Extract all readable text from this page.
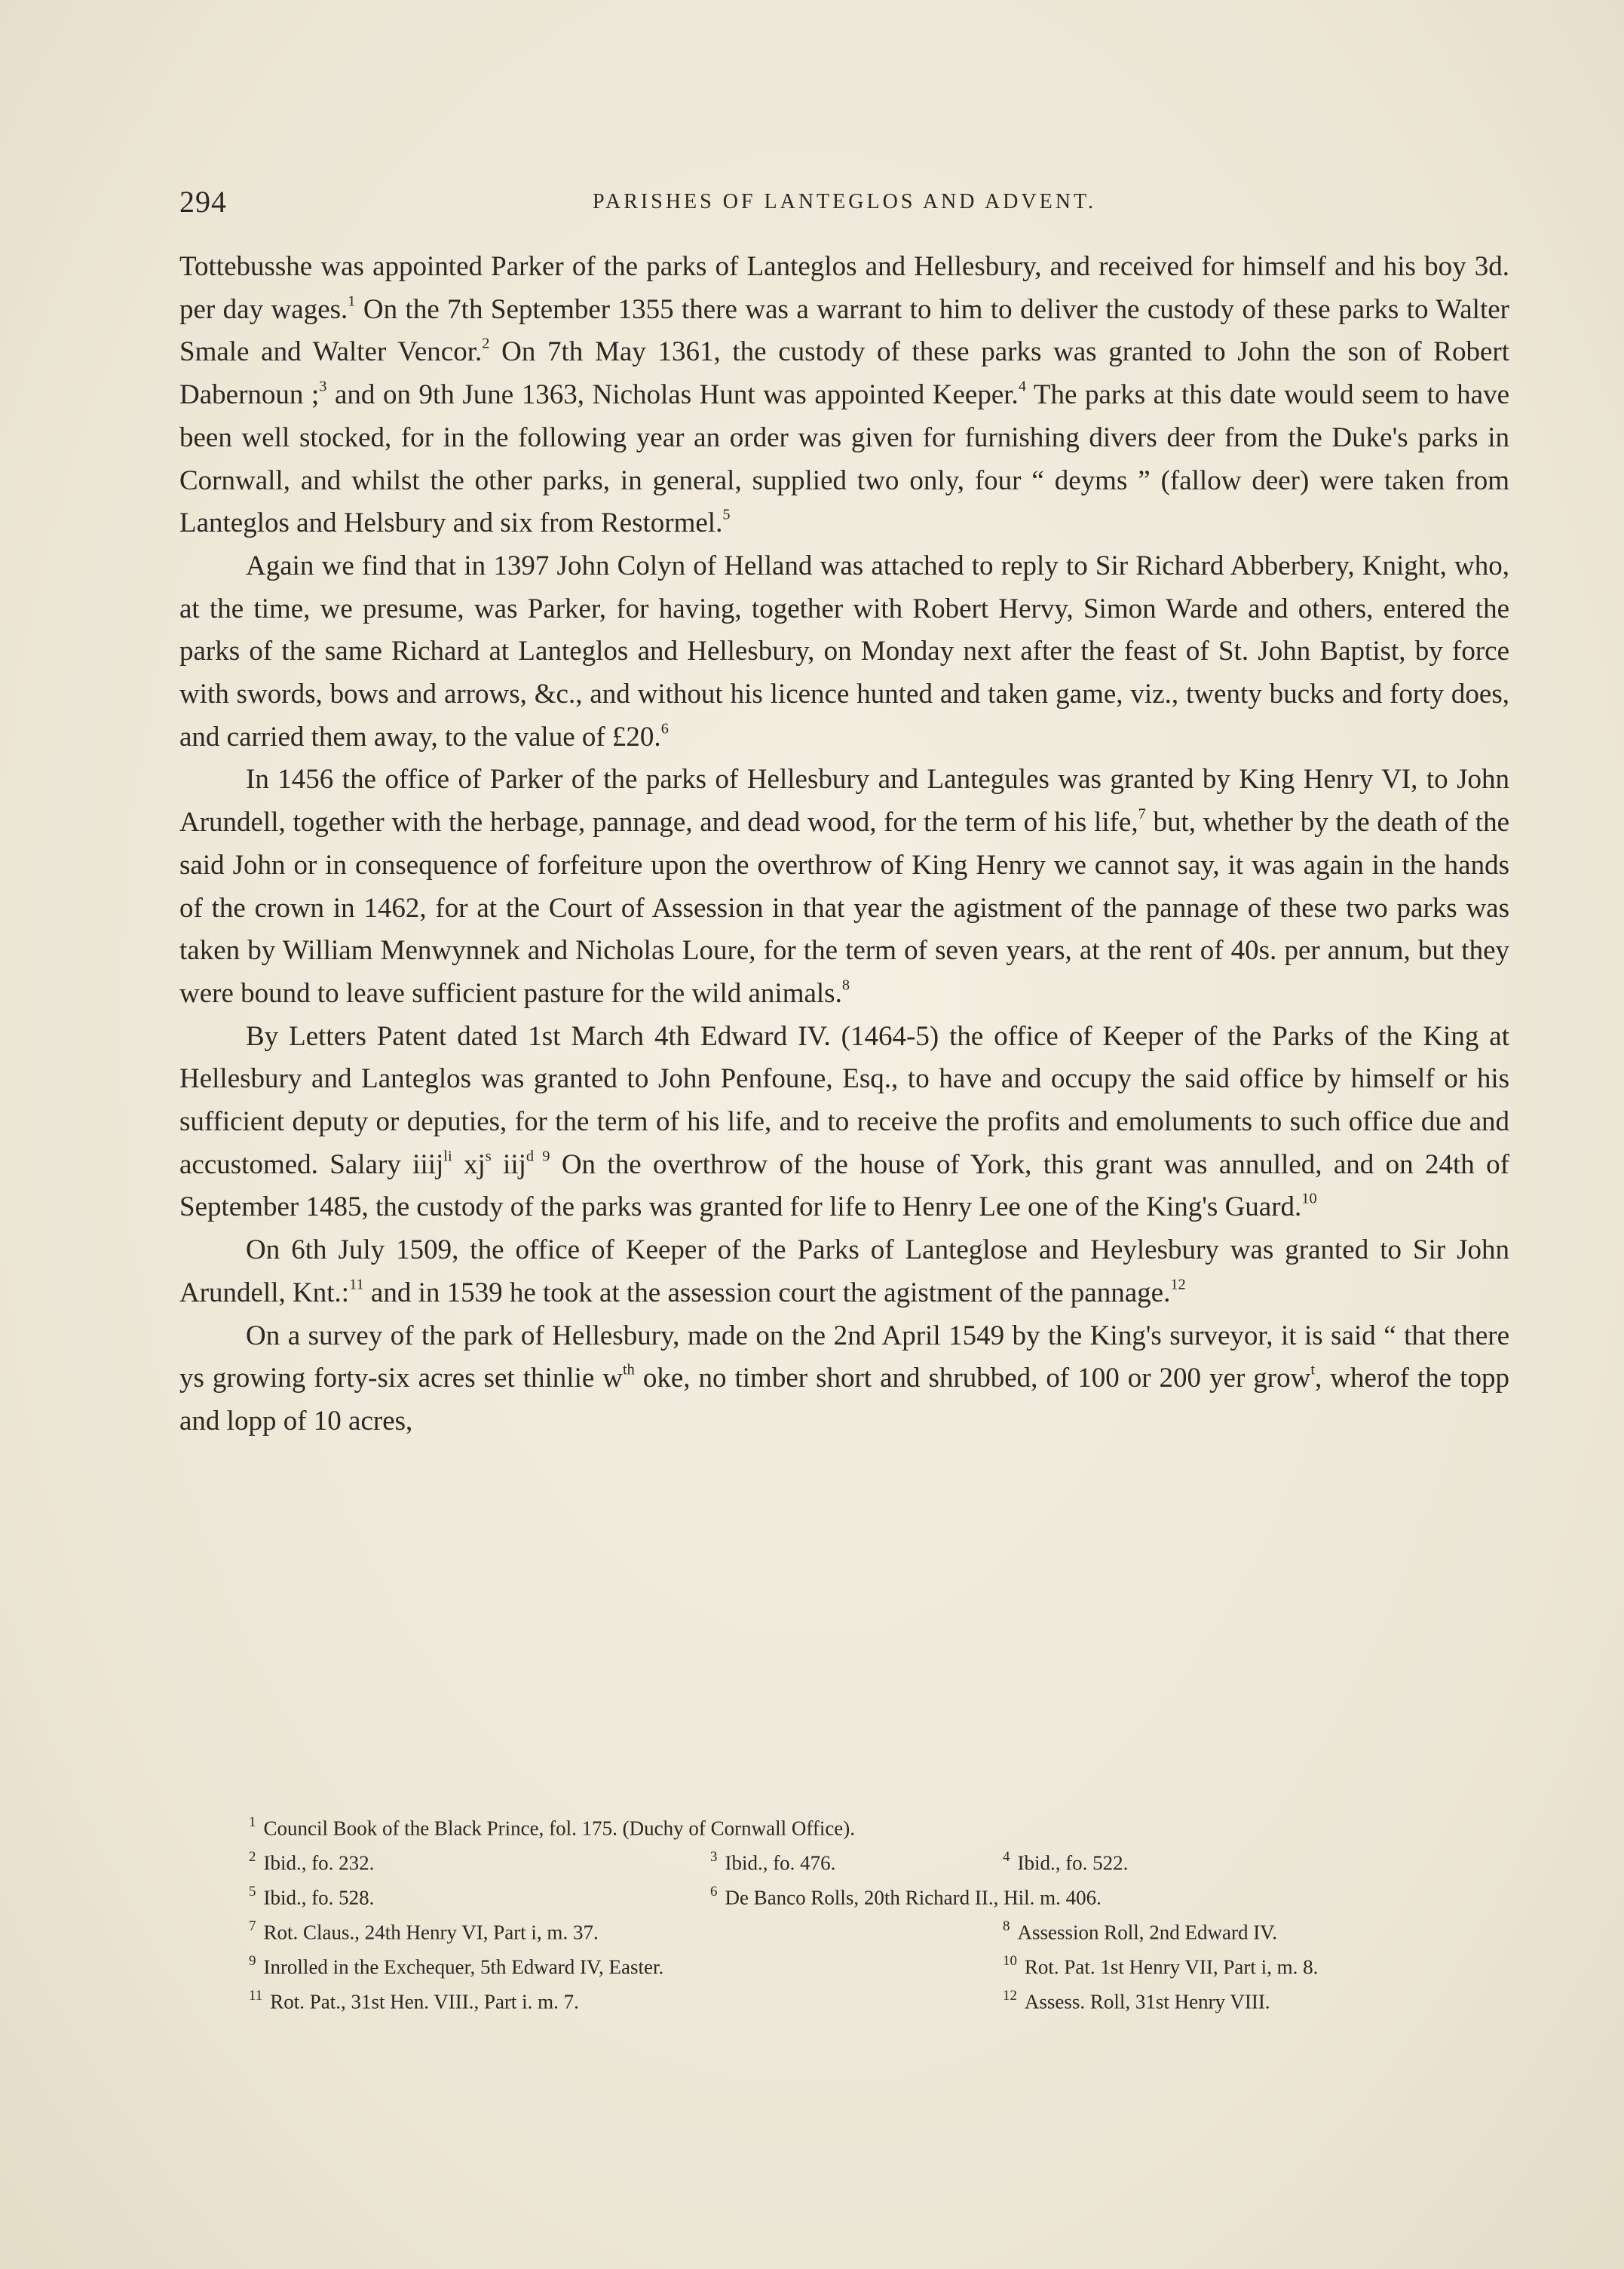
294	PARISHES OF LANTEGLOS AND ADVENT.

Tottebusshe was appointed Parker of the parks of Lanteglos and Hellesbury, and received for himself and his boy 3d. per day wages.$^1$ On the 7th September 1355 there was a warrant to him to deliver the custody of these parks to Walter Smale and Walter Vencor.$^2$ On 7th May 1361, the custody of these parks was granted to John the son of Robert Dabernoun ;$^3$ and on 9th June 1363, Nicholas Hunt was appointed Keeper.$^4$ The parks at this date would seem to have been well stocked, for in the following year an order was given for furnishing divers deer from the Duke's parks in Cornwall, and whilst the other parks, in general, supplied two only, four “ deyms ” (fallow deer) were taken from Lanteglos and Helsbury and six from Restormel.$^5$

Again we find that in 1397 John Colyn of Helland was attached to reply to Sir Richard Abberbery, Knight, who, at the time, we presume, was Parker, for having, together with Robert Hervy, Simon Warde and others, entered the parks of the same Richard at Lanteglos and Hellesbury, on Monday next after the feast of St. John Baptist, by force with swords, bows and arrows, &c., and without his licence hunted and taken game, viz., twenty bucks and forty does, and carried them away, to the value of £20.$^6$

In 1456 the office of Parker of the parks of Hellesbury and Lantegules was granted by King Henry VI, to John Arundell, together with the herbage, pannage, and dead wood, for the term of his life,$^7$ but, whether by the death of the said John or in consequence of forfeiture upon the overthrow of King Henry we cannot say, it was again in the hands of the crown in 1462, for at the Court of Assession in that year the agistment of the pannage of these two parks was taken by William Menwynnek and Nicholas Loure, for the term of seven years, at the rent of 40s. per annum, but they were bound to leave sufficient pasture for the wild animals.$^8$

By Letters Patent dated 1st March 4th Edward IV. (1464-5) the office of Keeper of the Parks of the King at Hellesbury and Lanteglos was granted to John Penfoune, Esq., to have and occupy the said office by himself or his sufficient deputy or deputies, for the term of his life, and to receive the profits and emoluments to such office due and accustomed. Salary iiij$^{li}$ $xj^s$ iij$^{d 9}$ On the overthrow of the house of York, this grant was annulled, and on 24th of September 1485, the custody of the parks was granted for life to Henry Lee one of the King's Guard.$^{10}$

On 6th July 1509, the office of Keeper of the Parks of Lanteglose and Heylesbury was granted to Sir John Arundell, Knt.:$^{11}$ and in 1539 he took at the assession court the agistment of the pannage.$^{12}$

On a survey of the park of Hellesbury, made on the 2nd April 1549 by the King's surveyor, it is said “ that there ys growing forty-six acres set thinlie $w^{th}$ oke, no timber short and shrubbed, of 100 or 200 yer grow$^t$, wherof the topp and lopp of 10 acres,

$^1$ Council Book of the Black Prince, fol. 175. (Duchy of Cornwall Office).
$^2$ Ibid., fo. 232.	$^3$ Ibid., fo. 476.	$^4$ Ibid., fo. 522.
$^5$ Ibid., fo. 528.	$^6$ De Banco Rolls, 20th Richard II., Hil. m. 406.
$^7$ Rot. Claus., 24th Henry VI, Part i, m. 37.	$^8$ Assession Roll, 2nd Edward IV.
$^9$ Inrolled in the Exchequer, 5th Edward IV, Easter.	$^{10}$ Rot. Pat. 1st Henry VII, Part i, m. 8.
$^{11}$ Rot. Pat., 31st Hen. VIII., Part i. m. 7.	$^{12}$ Assess. Roll, 31st Henry VIII.
